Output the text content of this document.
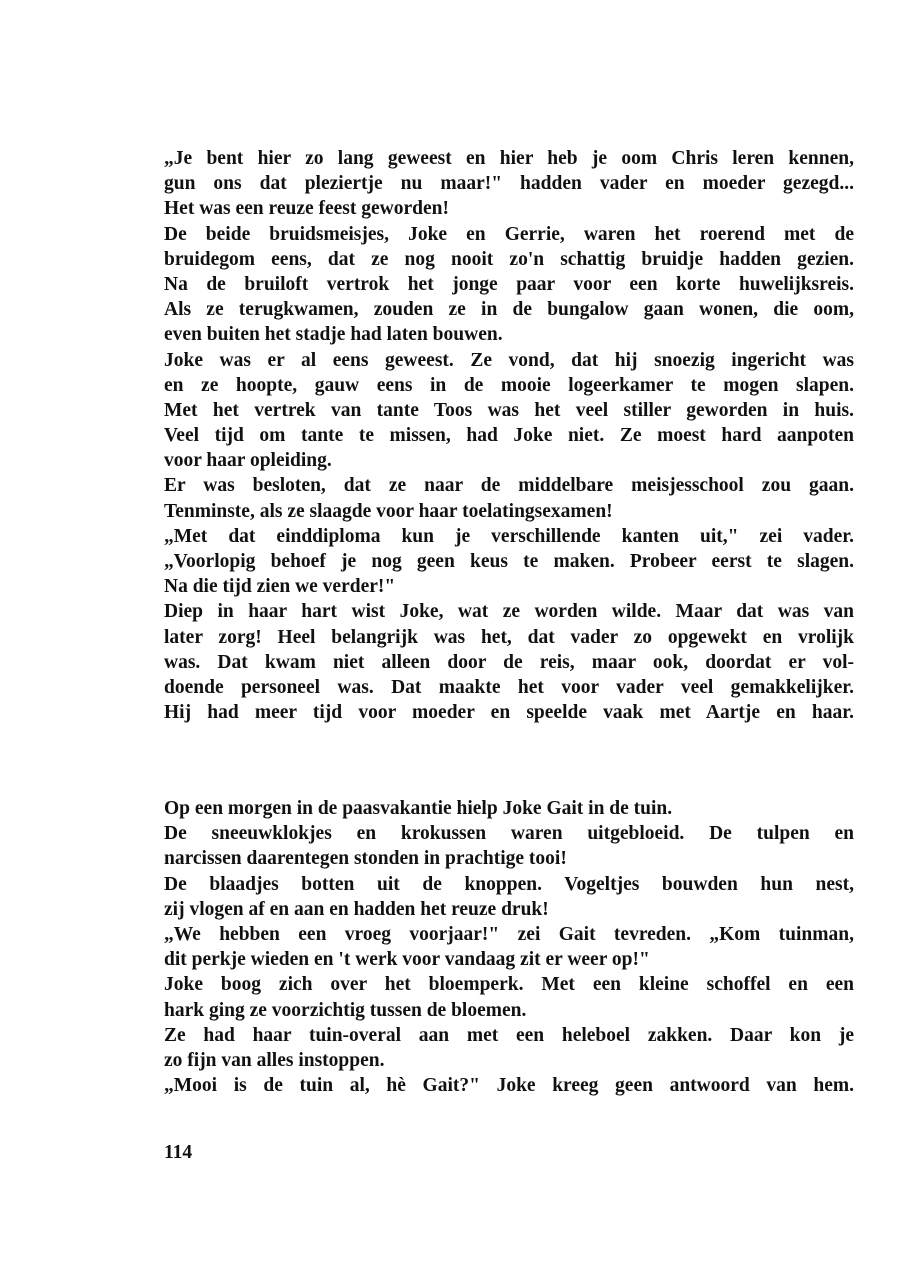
„Je bent hier zo lang geweest en hier heb je oom Chris leren kennen,
gun ons dat pleziertje nu maar!" hadden vader en moeder gezegd...
Het was een reuze feest geworden!
De beide bruidsmeisjes, Joke en Gerrie, waren het roerend met de
bruidegom eens, dat ze nog nooit zo'n schattig bruidje hadden gezien.
Na de bruiloft vertrok het jonge paar voor een korte huwelijksreis.
Als ze terugkwamen, zouden ze in de bungalow gaan wonen, die oom,
even buiten het stadje had laten bouwen.
Joke was er al eens geweest. Ze vond, dat hij snoezig ingericht was
en ze hoopte, gauw eens in de mooie logeerkamer te mogen slapen.
Met het vertrek van tante Toos was het veel stiller geworden in huis.
Veel tijd om tante te missen, had Joke niet. Ze moest hard aanpoten
voor haar opleiding.
Er was besloten, dat ze naar de middelbare meisjesschool zou gaan.
Tenminste, als ze slaagde voor haar toelatingsexamen!
„Met dat einddiploma kun je verschillende kanten uit," zei vader.
„Voorlopig behoef je nog geen keus te maken. Probeer eerst te slagen.
Na die tijd zien we verder!"
Diep in haar hart wist Joke, wat ze worden wilde. Maar dat was van
later zorg! Heel belangrijk was het, dat vader zo opgewekt en vrolijk
was. Dat kwam niet alleen door de reis, maar ook, doordat er vol-
doende personeel was. Dat maakte het voor vader veel gemakkelijker.
Hij had meer tijd voor moeder en speelde vaak met Aartje en haar.
Op een morgen in de paasvakantie hielp Joke Gait in de tuin.
De sneeuwklokjes en krokussen waren uitgebloeid. De tulpen en
narcissen daarentegen stonden in prachtige tooi!
De blaadjes botten uit de knoppen. Vogeltjes bouwden hun nest,
zij vlogen af en aan en hadden het reuze druk!
„We hebben een vroeg voorjaar!" zei Gait tevreden. „Kom tuinman,
dit perkje wieden en 't werk voor vandaag zit er weer op!"
Joke boog zich over het bloemperk. Met een kleine schoffel en een
hark ging ze voorzichtig tussen de bloemen.
Ze had haar tuin-overal aan met een heleboel zakken. Daar kon je
zo fijn van alles instoppen.
„Mooi is de tuin al, hè Gait?" Joke kreeg geen antwoord van hem.
114
